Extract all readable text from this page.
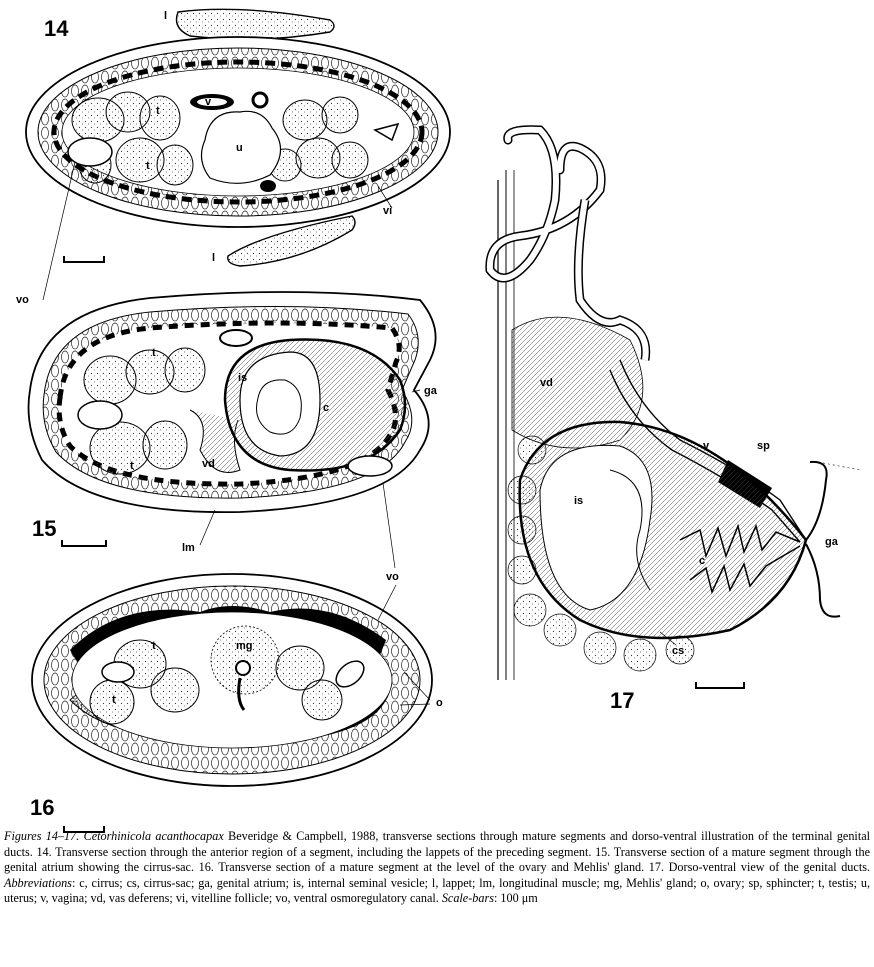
14
15
16
17
l
l
v
t
t
u
vi
vo
is
ga
c
t
t	vd
lm
vo
t
t
mg
o
vd
v	sp
is
c
ga
cs

Figures 14–17. Cetorhinicola acanthocapax Beveridge & Campbell, 1988, transverse sections through mature segments and dorso-ventral illustration of the terminal genital ducts. 14. Transverse section through the anterior region of a segment, including the lappets of the preceding segment. 15. Transverse section of a mature segment through the genital atrium showing the cirrus-sac. 16. Transverse section of a mature segment at the level of the ovary and Mehlis' gland. 17. Dorso-ventral view of the genital ducts. Abbreviations: c, cirrus; cs, cirrus-sac; ga, genital atrium; is, internal seminal vesicle; l, lappet; lm, longitudinal muscle; mg, Mehlis' gland; o, ovary; sp, sphincter; t, testis; u, uterus; v, vagina; vd, vas deferens; vi, vitelline follicle; vo, ventral osmoregulatory canal. Scale-bars: 100 μm
